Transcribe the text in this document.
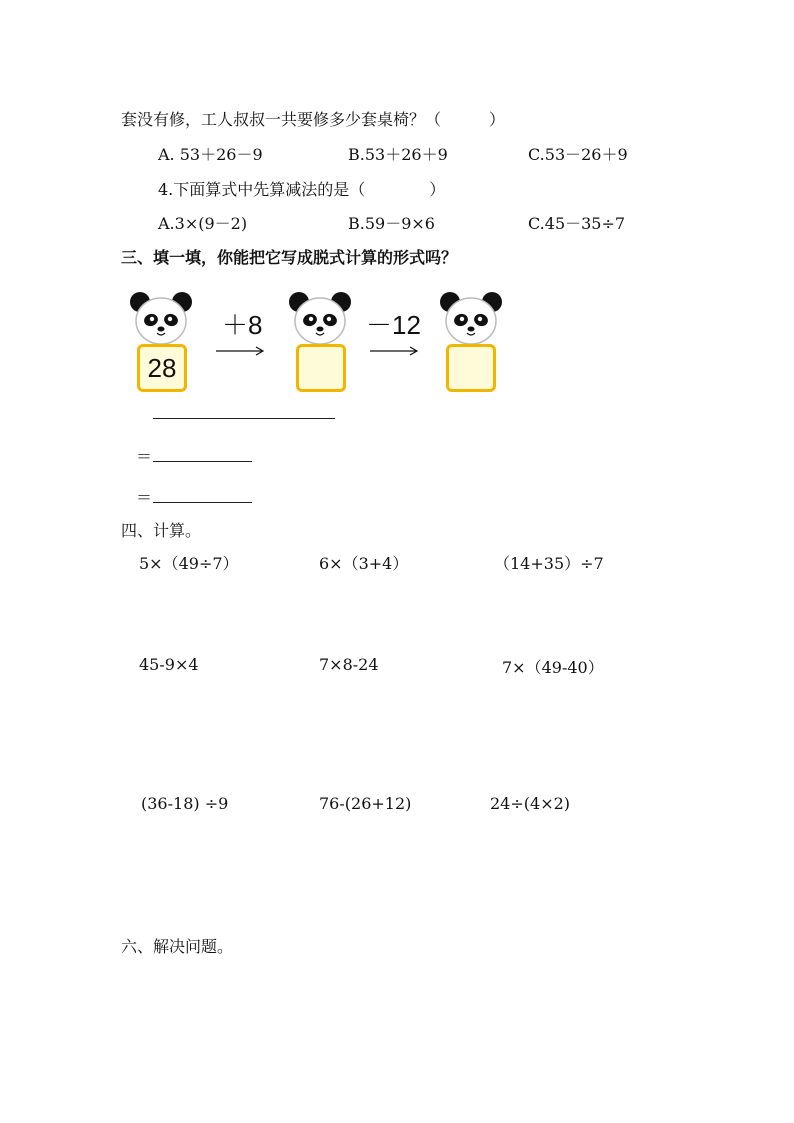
套没有修，工人叔叔一共要修多少套桌椅？（　　　）
A. 53＋26－9	B.53＋26＋9	C.53－26＋9
4.下面算式中先算减法的是（　　　　）
A.3×(9－2)	B.59－9×6	C.45－35÷7
三、填一填，你能把它写成脱式计算的形式吗？
28
＋8	－12
＝
＝
四、计算。
5×（49÷7）	6×（3+4）	（14+35）÷7
45-9×4	7×8-24	7×（49-40）
(36-18) ÷9	76-(26+12)	24÷(4×2)
六、解决问题。
